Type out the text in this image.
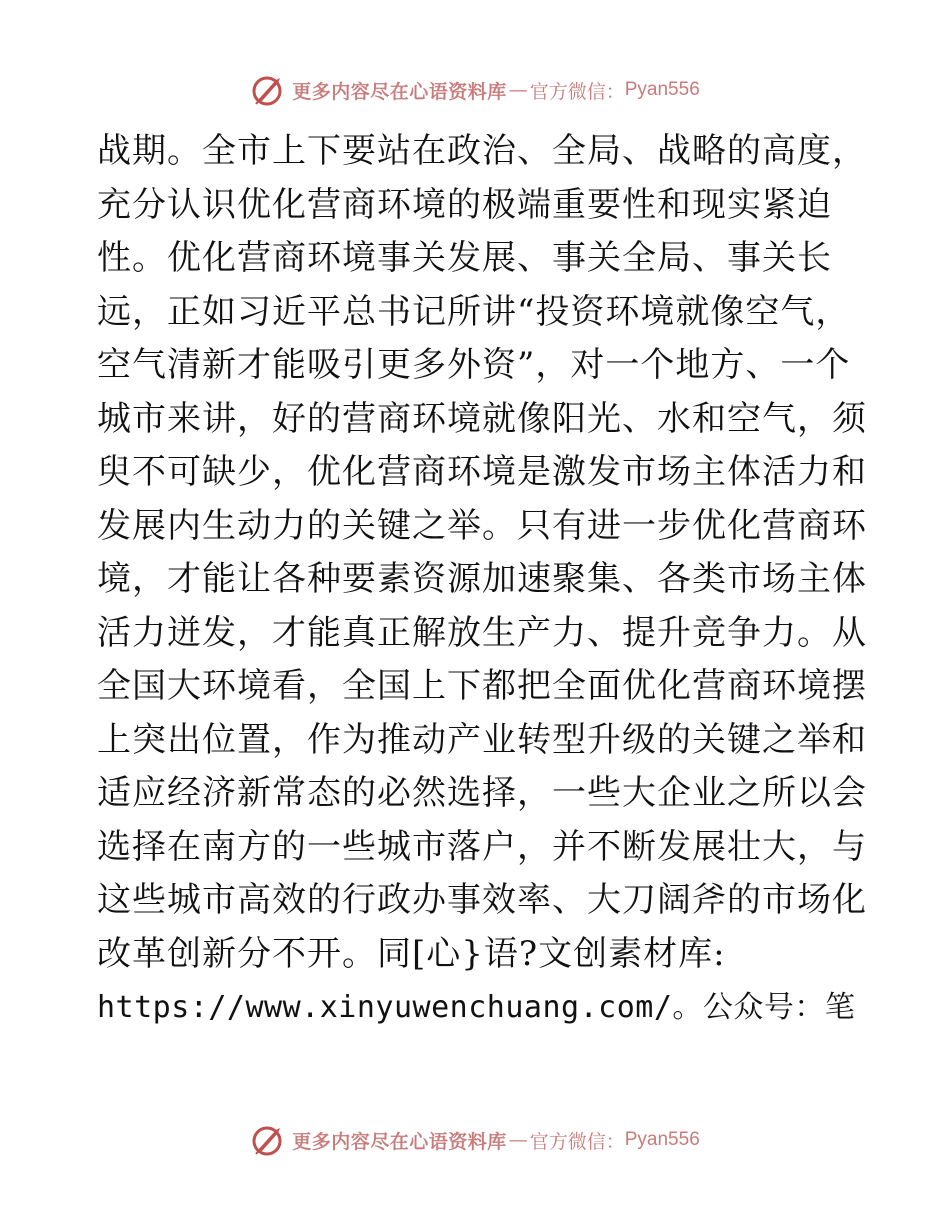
更多内容尽在心语资料库 — 官方微信： Pyan556
战期。全市上下要站在政治、全局、战略的高度，
充分认识优化营商环境的极端重要性和现实紧迫
性。优化营商环境事关发展、事关全局、事关长
远，正如习近平总书记所讲“投资环境就像空气，
空气清新才能吸引更多外资”，对一个地方、一个
城市来讲，好的营商环境就像阳光、水和空气，须
臾不可缺少，优化营商环境是激发市场主体活力和
发展内生动力的关键之举。只有进一步优化营商环
境，才能让各种要素资源加速聚集、各类市场主体
活力迸发，才能真正解放生产力、提升竞争力。从
全国大环境看，全国上下都把全面优化营商环境摆
上突出位置，作为推动产业转型升级的关键之举和
适应经济新常态的必然选择，一些大企业之所以会
选择在南方的一些城市落户，并不断发展壮大，与
这些城市高效的行政办事效率、大刀阔斧的市场化
改革创新分不开。同[心}语?文创素材库:
https://www.xinyuwenchuang.com/。公众号：笔
更多内容尽在心语资料库 — 官方微信： Pyan556
